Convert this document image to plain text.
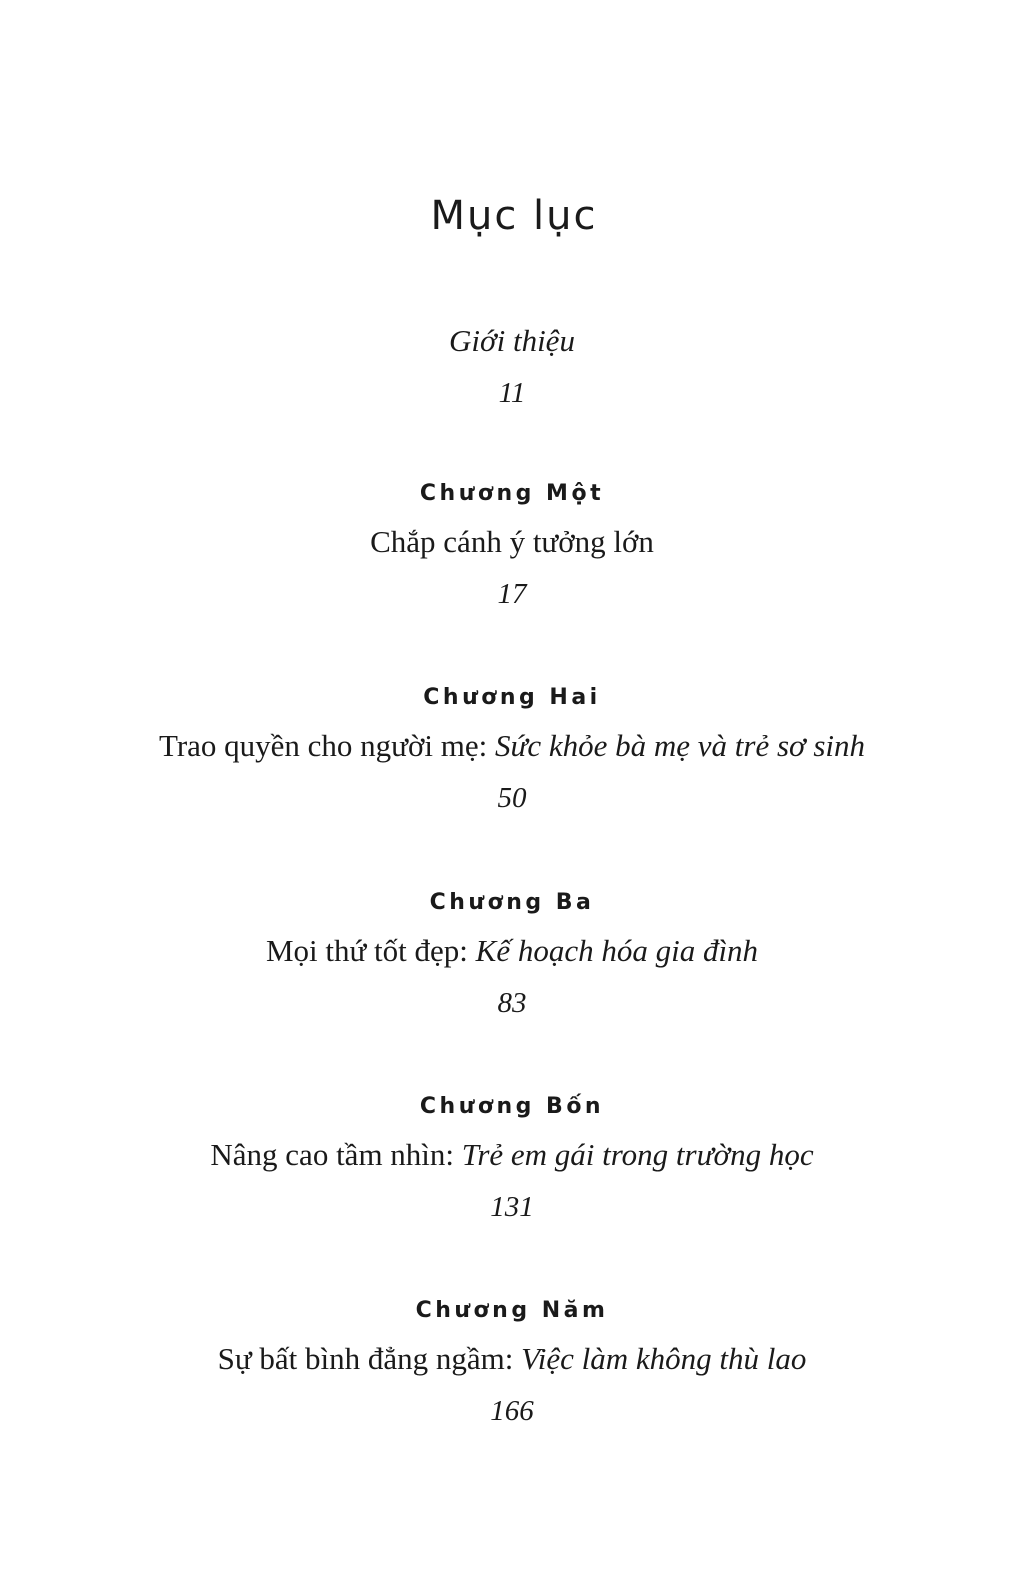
Mục lục
Giới thiệu
11
Chương Một
Chắp cánh ý tưởng lớn
17
Chương Hai
Trao quyền cho người mẹ: Sức khỏe bà mẹ và trẻ sơ sinh
50
Chương Ba
Mọi thứ tốt đẹp: Kế hoạch hóa gia đình
83
Chương Bốn
Nâng cao tầm nhìn: Trẻ em gái trong trường học
131
Chương Năm
Sự bất bình đẳng ngầm: Việc làm không thù lao
166
